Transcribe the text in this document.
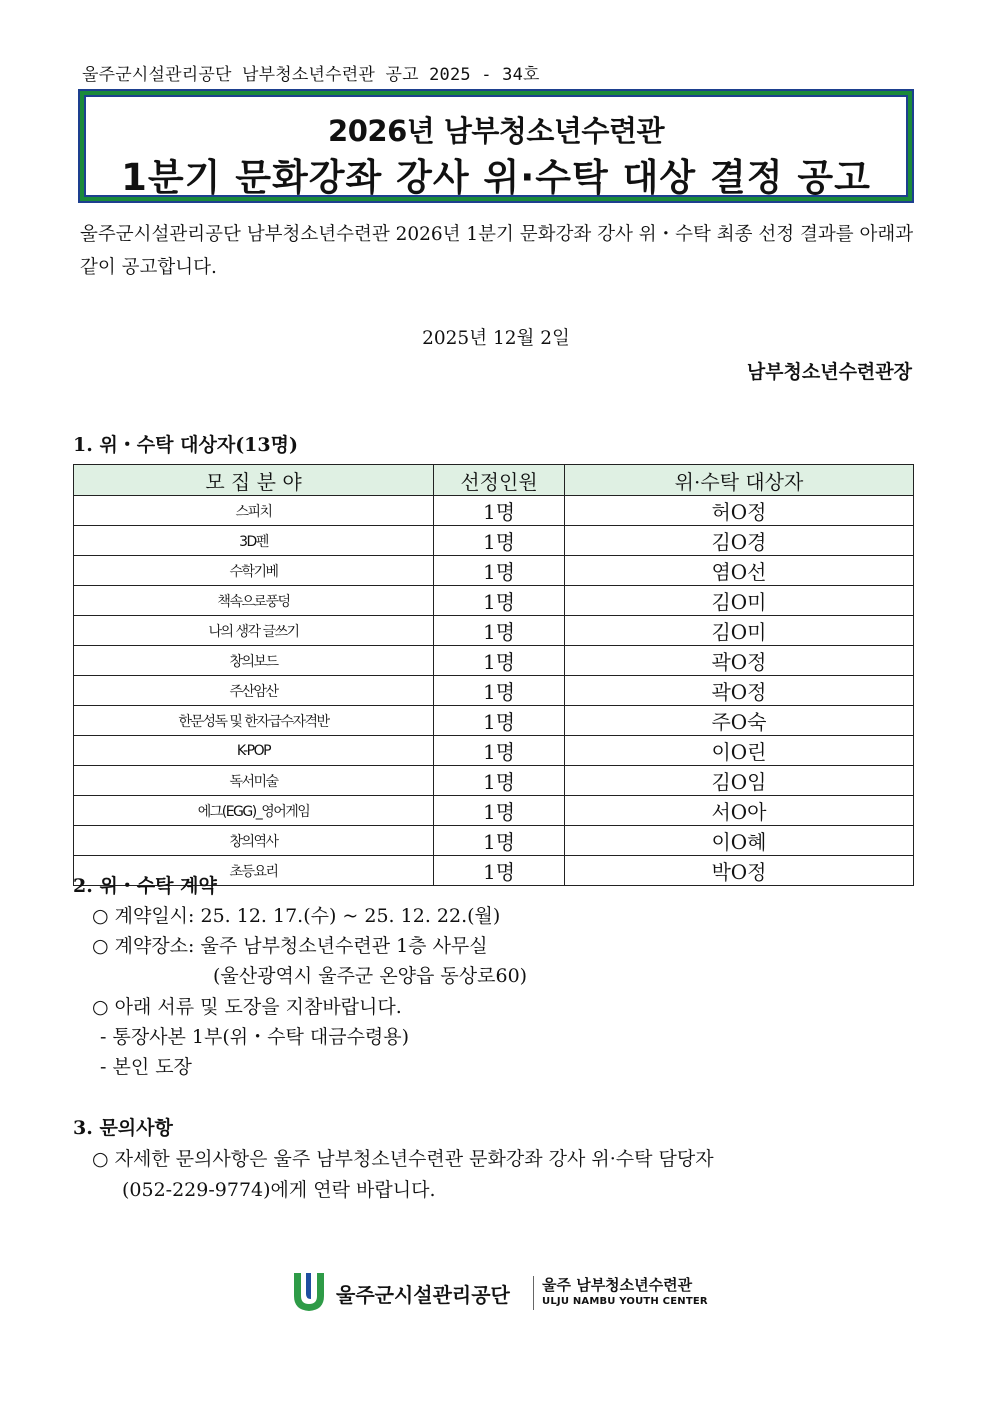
울주군시설관리공단 남부청소년수련관 공고 2025 - 34호
2026년 남부청소년수련관
1분기 문화강좌 강사 위·수탁 대상 결정 공고
울주군시설관리공단 남부청소년수련관 2026년 1분기 문화강좌 강사 위・수탁 최종 선정 결과를 아래과 같이 공고합니다.
2025년 12월 2일
남부청소년수련관장
1. 위・수탁 대상자(13명)
모 집 분 야	선정인원	위·수탁 대상자
스피치	1명	허O정
3D펜	1명	김O경
수학기베	1명	염O선
책속으로풍덩	1명	김O미
나의 생각 글쓰기	1명	김O미
창의보드	1명	곽O정
주산암산	1명	곽O정
한문성독 및 한자급수자격반	1명	주O숙
K-POP	1명	이O린
독서미술	1명	김O임
에그(EGG)_영어게임	1명	서O아
창의역사	1명	이O혜
초등요리	1명	박O정
2. 위・수탁 계약
○ 계약일시: 25. 12. 17.(수) ~ 25. 12. 22.(월)
○ 계약장소: 울주 남부청소년수련관 1층 사무실
(울산광역시 울주군 온양읍 동상로60)
○ 아래 서류 및 도장을 지참바랍니다.
- 통장사본 1부(위・수탁 대금수령용)
- 본인 도장
3. 문의사항
○ 자세한 문의사항은 울주 남부청소년수련관 문화강좌 강사 위·수탁 담당자
(052-229-9774)에게 연락 바랍니다.
울주군시설관리공단 울주 남부청소년수련관
ULJU NAMBU YOUTH CENTER
